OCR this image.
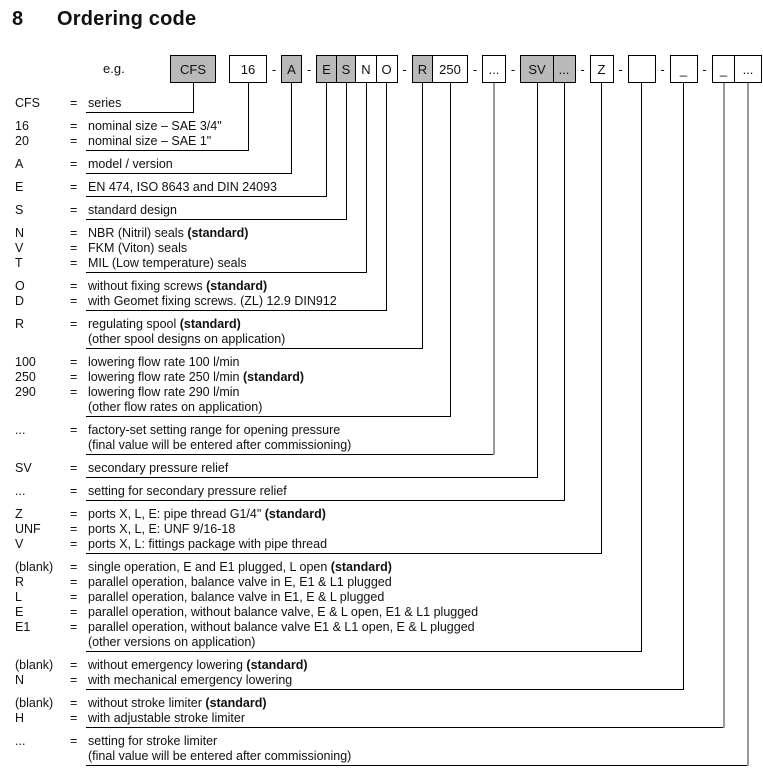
8 Ordering code
e.g.	CFS	16	- A - E S N O - R 250 - ... -	SV ... - Z -	-	_	-	_	...
CFS	= series
16	= nominal size – SAE 3/4"
20	= nominal size – SAE 1"
A	= model / version
E	= EN 474, ISO 8643 and DIN 24093
S	= standard design
N	= NBR (Nitril) seals (standard)
V	= FKM (Viton) seals
T	= MIL (Low temperature) seals
O	= without fixing screws (standard)
D	= with Geomet fixing screws. (ZL) 12.9 DIN912
R	= regulating spool (standard)
(other spool designs on application)
100	= lowering flow rate 100 l/min
250	= lowering flow rate 250 l/min (standard)
290	= lowering flow rate 290 l/min
(other flow rates on application)
...	= factory-set setting range for opening pressure
(final value will be entered after commissioning)
SV	= secondary pressure relief
...	= setting for secondary pressure relief
Z	= ports X, L, E: pipe thread G1/4" (standard)
UNF	= ports X, L, E: UNF 9/16-18
V	= ports X, L: fittings package with pipe thread
(blank)	= single operation, E and E1 plugged, L open (standard)
R	= parallel operation, balance valve in E, E1 & L1 plugged
L	= parallel operation, balance valve in E1, E & L plugged
E	= parallel operation, without balance valve, E & L open, E1 & L1 plugged
E1	= parallel operation, without balance valve E1 & L1 open, E & L plugged
(other versions on application)
(blank)	= without emergency lowering (standard)
N	= with mechanical emergency lowering
(blank)	= without stroke limiter (standard)
H	= with adjustable stroke limiter
...	= setting for stroke limiter
(final value will be entered after commissioning)
